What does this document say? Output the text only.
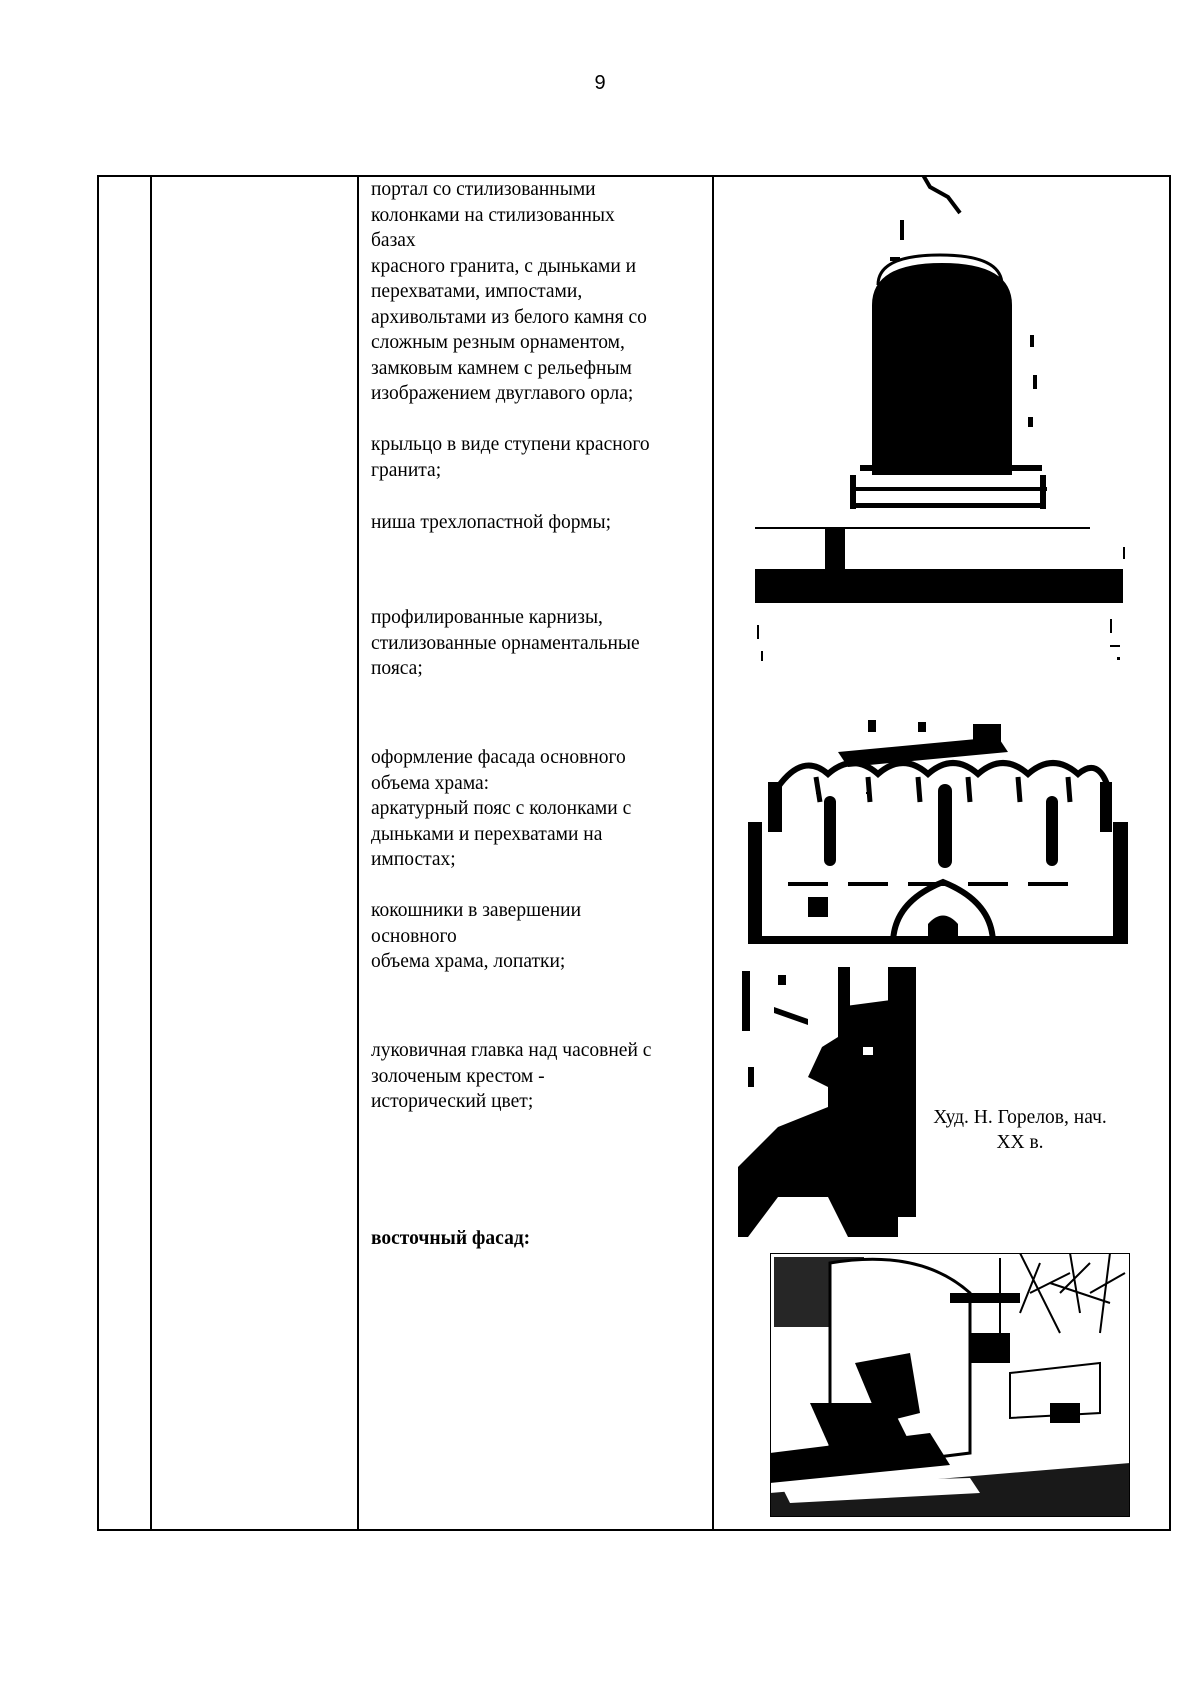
9

портал со стилизованными

колонками на стилизованных

базах

красного гранита, с дыньками и

перехватами, импостами,

архивольтами из белого камня со

сложным резным орнаментом,

замковым камнем с рельефным

изображением двуглавого орла;

крыльцо в виде ступени красного

гранита;

ниша трехлопастной формы;

профилированные карнизы,

стилизованные орнаментальные

пояса;

оформление фасада основного

объема храма:

аркатурный пояс с колонками с

дыньками и перехватами на

импостах;

кокошники в завершении

основного

объема храма, лопатки;

луковичная главка над часовней с

золоченым крестом -

исторический цвет;

восточный фасад:

Худ. Н. Горелов, нач.
XX в.
